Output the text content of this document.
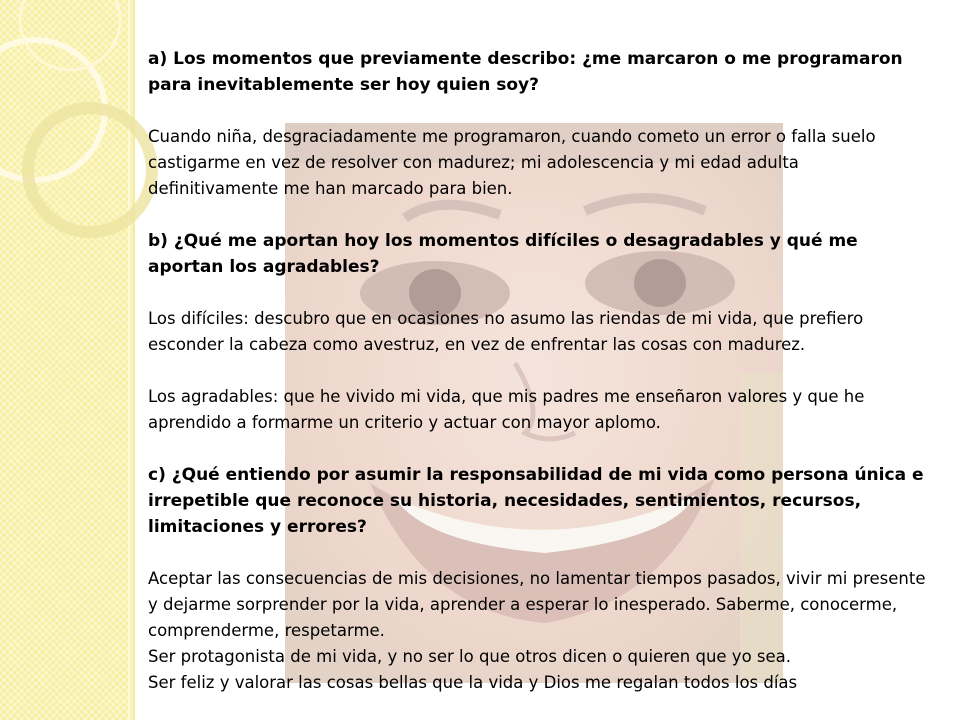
a) Los momentos que previamente describo: ¿me marcaron o me programaron para inevitablemente ser hoy quien soy?

Cuando niña, desgraciadamente me programaron, cuando cometo un error o falla suelo castigarme en vez de resolver con madurez; mi adolescencia y mi edad adulta definitivamente me han marcado para bien.

b) ¿Qué me aportan hoy los momentos difíciles o desagradables y qué me aportan los agradables?

Los difíciles: descubro que en ocasiones no asumo las riendas de mi vida, que prefiero esconder la cabeza como avestruz, en vez de enfrentar las cosas con madurez.

Los agradables: que he vivido mi vida, que mis padres me enseñaron valores y que he aprendido a formarme un criterio y actuar con mayor aplomo.

c) ¿Qué entiendo por asumir la responsabilidad de mi vida como persona única e irrepetible que reconoce su historia, necesidades, sentimientos, recursos, limitaciones y errores?

Aceptar las consecuencias de mis decisiones, no lamentar tiempos pasados, vivir mi presente y dejarme sorprender por la vida, aprender a esperar lo inesperado. Saberme, conocerme, comprenderme, respetarme.

Ser protagonista de mi vida, y no ser lo que otros dicen o quieren que yo sea.

Ser feliz y valorar las cosas bellas que la vida y Dios me regalan todos los días
